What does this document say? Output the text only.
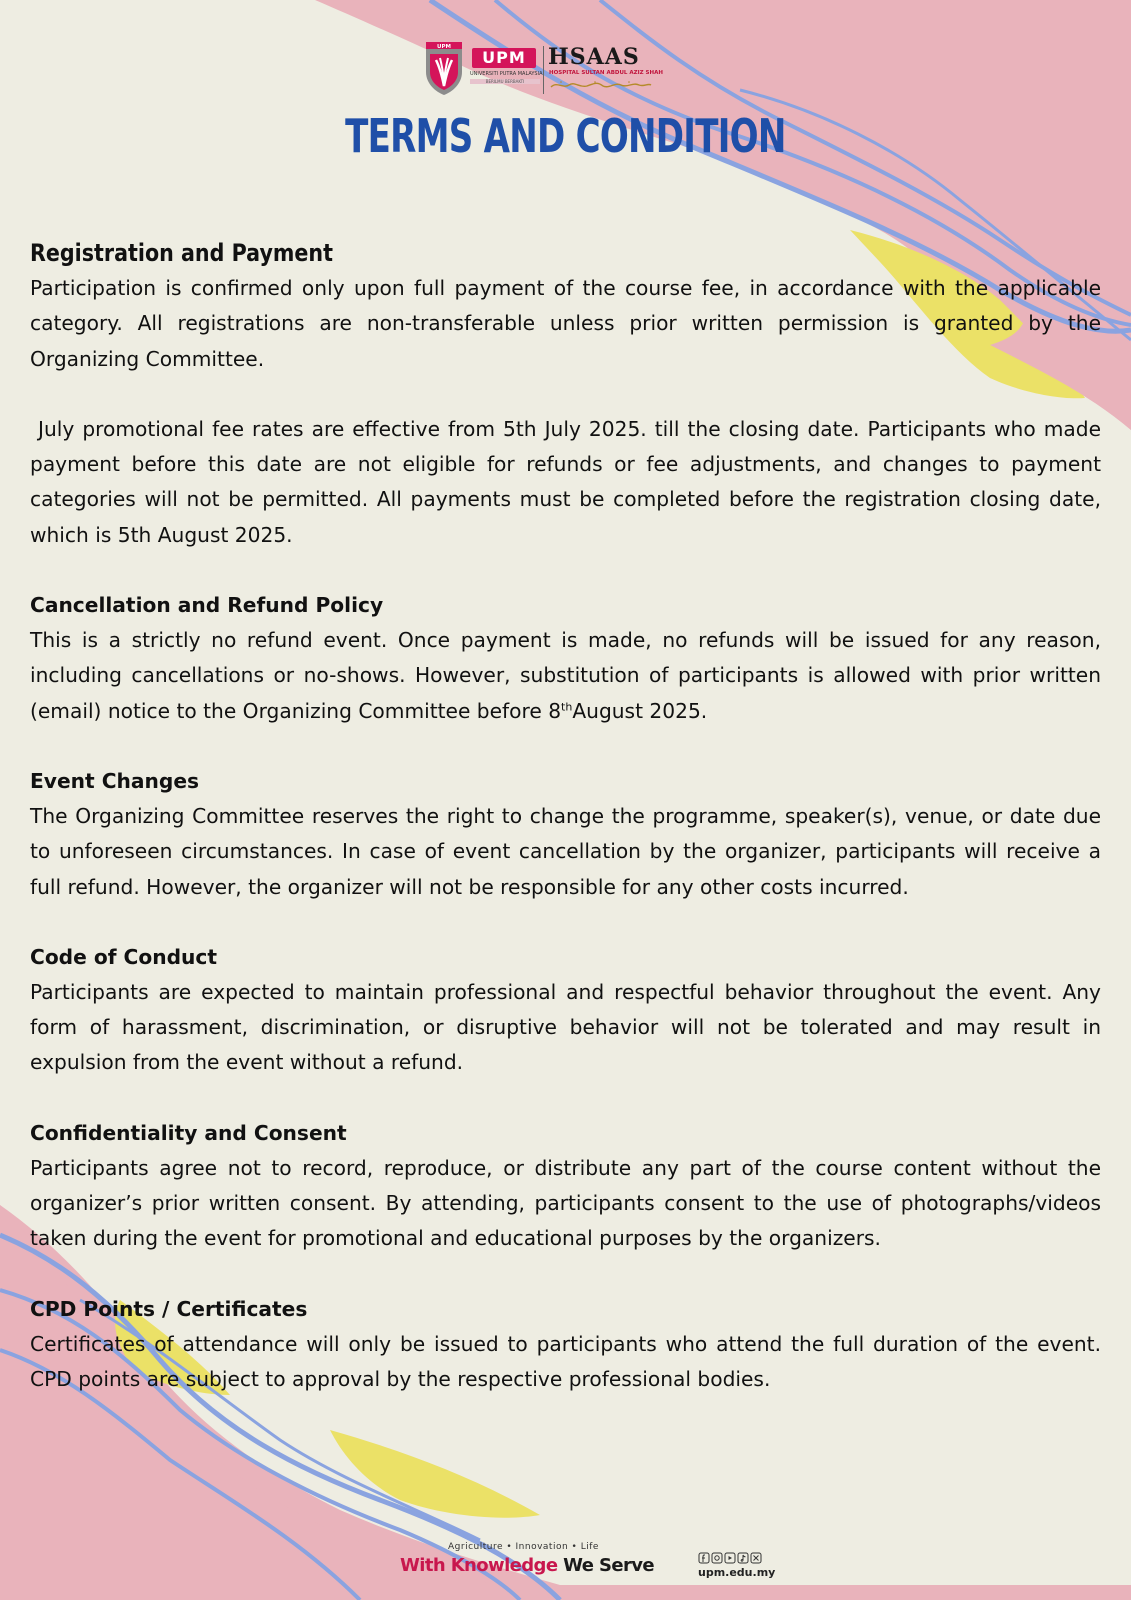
UPM
UPM
UNIVERSITI PUTRA MALAYSIA
BERILMU BERBAKTI
HSAAS
HOSPITAL SULTAN ABDUL AZIZ SHAH
TERMS AND CONDITION
Registration and Payment

Participation is confirmed only upon full payment of the course fee, in accordance with the applicable category. All registrations are non-transferable unless prior written permission is granted by the Organizing Committee.

July promotional fee rates are effective from 5th July 2025. till the closing date. Participants who made payment before this date are not eligible for refunds or fee adjustments, and changes to payment categories will not be permitted. All payments must be completed before the registration closing date, which is 5th August 2025.

Cancellation and Refund Policy

This is a strictly no refund event. Once payment is made, no refunds will be issued for any reason, including cancellations or no-shows. However, substitution of participants is allowed with prior written (email) notice to the Organizing Committee before 8thAugust 2025.

Event Changes

The Organizing Committee reserves the right to change the programme, speaker(s), venue, or date due to unforeseen circumstances. In case of event cancellation by the organizer, participants will receive a full refund. However, the organizer will not be responsible for any other costs incurred.

Code of Conduct

Participants are expected to maintain professional and respectful behavior throughout the event. Any form of harassment, discrimination, or disruptive behavior will not be tolerated and may result in expulsion from the event without a refund.

Confidentiality and Consent

Participants agree not to record, reproduce, or distribute any part of the course content without the organizer’s prior written consent. By attending, participants consent to the use of photographs/videos taken during the event for promotional and educational purposes by the organizers.

CPD Points / Certificates

Certificates of attendance will only be issued to participants who attend the full duration of the event. CPD points are subject to approval by the respective professional bodies.

Agriculture • Innovation • Life
With Knowledge We Serve	upm.edu.my
